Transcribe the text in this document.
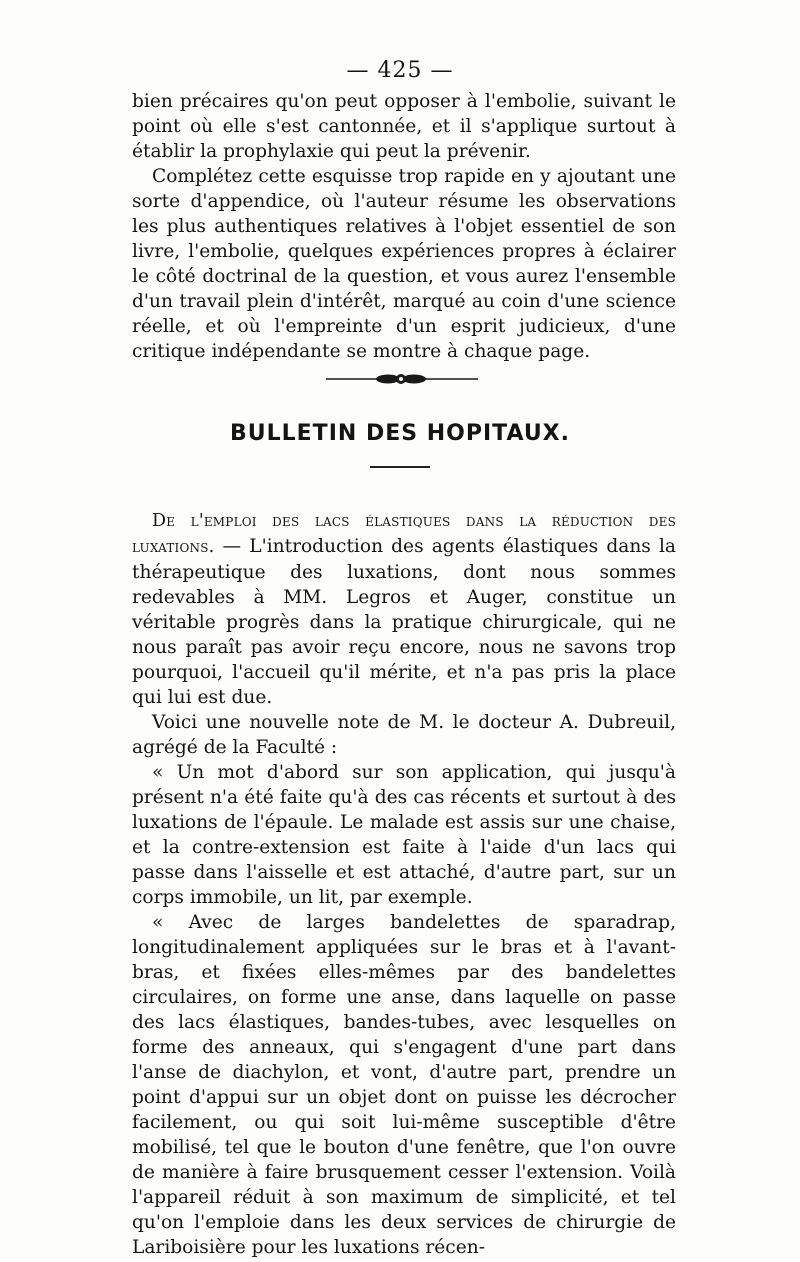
— 425 —

bien précaires qu'on peut opposer à l'embolie, suivant le point où elle s'est cantonnée, et il s'applique surtout à établir la prophylaxie qui peut la prévenir.

Complétez cette esquisse trop rapide en y ajoutant une sorte d'appendice, où l'auteur résume les observations les plus authentiques relatives à l'objet essentiel de son livre, l'embolie, quelques expériences propres à éclairer le côté doctrinal de la question, et vous aurez l'ensemble d'un travail plein d'intérêt, marqué au coin d'une science réelle, et où l'empreinte d'un esprit judicieux, d'une critique indépendante se montre à chaque page.

BULLETIN DES HOPITAUX.

De l'emploi des lacs élastiques dans la réduction des luxations. — L'introduction des agents élastiques dans la thérapeutique des luxations, dont nous sommes redevables à MM. Legros et Auger, constitue un véritable progrès dans la pratique chirurgicale, qui ne nous paraît pas avoir reçu encore, nous ne savons trop pourquoi, l'accueil qu'il mérite, et n'a pas pris la place qui lui est due.

Voici une nouvelle note de M. le docteur A. Dubreuil, agrégé de la Faculté :

« Un mot d'abord sur son application, qui jusqu'à présent n'a été faite qu'à des cas récents et surtout à des luxations de l'épaule. Le malade est assis sur une chaise, et la contre-extension est faite à l'aide d'un lacs qui passe dans l'aisselle et est attaché, d'autre part, sur un corps immobile, un lit, par exemple.

« Avec de larges bandelettes de sparadrap, longitudinalement appliquées sur le bras et à l'avant-bras, et fixées elles-mêmes par des bandelettes circulaires, on forme une anse, dans laquelle on passe des lacs élastiques, bandes-tubes, avec lesquelles on forme des anneaux, qui s'engagent d'une part dans l'anse de diachylon, et vont, d'autre part, prendre un point d'appui sur un objet dont on puisse les décrocher facilement, ou qui soit lui-même susceptible d'être mobilisé, tel que le bouton d'une fenêtre, que l'on ouvre de manière à faire brusquement cesser l'extension. Voilà l'appareil réduit à son maximum de simplicité, et tel qu'on l'emploie dans les deux services de chirurgie de Lariboisière pour les luxations récen-
